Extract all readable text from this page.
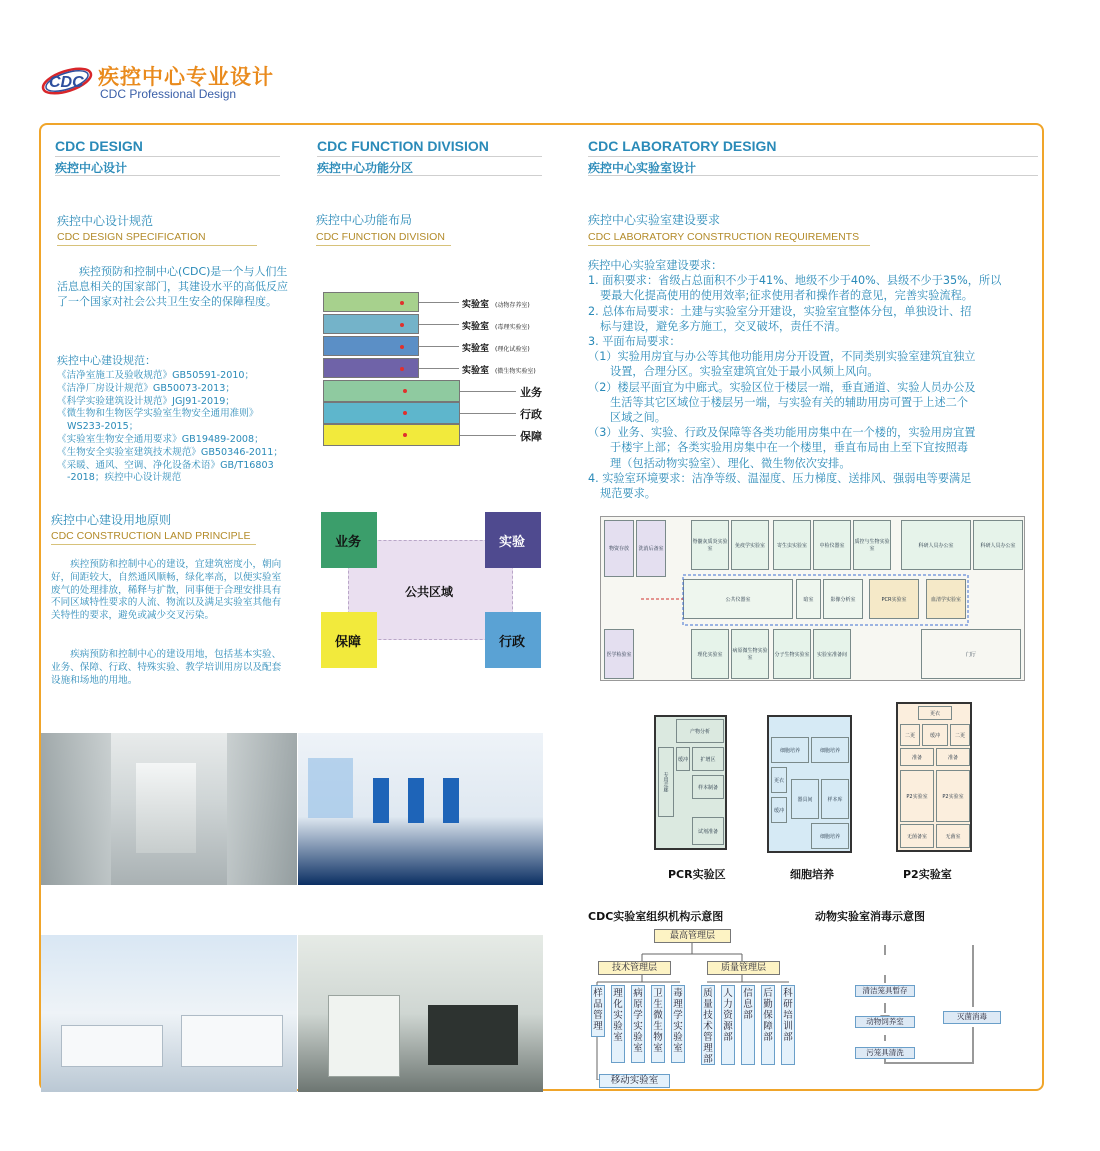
CDC 疾控中心专业设计
CDC Professional Design
CDC DESIGN
疾控中心设计
疾控中心设计规范
CDC DESIGN SPECIFICATION
疾控预防和控制中心(CDC)是一个与人们生活息息相关的国家部门，其建设水平的高低反应了一个国家对社会公共卫生安全的保障程度。
疾控中心建设规范：
《洁净室施工及验收规范》GB50591-2010；
《洁净厂房设计规范》GB50073-2013；
《科学实验建筑设计规范》JGJ91-2019；
《微生物和生物医学实验室生物安全通用准则》
WS233-2015；
《实验室生物安全通用要求》GB19489-2008；
《生物安全实验室建筑技术规范》GB50346-2011；
《采暖、通风、空调、净化设备术语》GB/T16803
-2018；疾控中心设计规范
疾控中心建设用地原则
CDC CONSTRUCTION LAND PRINCIPLE
疾控预防和控制中心的建设，宜建筑密度小，朝向好，间距较大，自然通风顺畅，绿化率高，以便实验室废气的处理排放，稀释与扩散，同事便于合理安排具有不同区域特性要求的人流、物流以及满足实验室其他有关特性的要求，避免或减少交叉污染。
疾病预防和控制中心的建设用地，包括基本实验、业务、保障、行政、特殊实验、教学培训用房以及配套设施和场地的用地。
CDC FUNCTION DIVISION
疾控中心功能分区
疾控中心功能布局
CDC FUNCTION DIVISION
实验室 (动物存养室)
实验室 (毒理实验室)
实验室 (理化试验室)
实验室 (微生物实验室)
业务
行政
保障
公共区域
业务	实验
保障	行政
CDC LABORATORY DESIGN
疾控中心实验室设计
疾控中心实验室建设要求
CDC LABORATORY CONSTRUCTION REQUIREMENTS
疾控中心实验室建设要求：
1. 面积要求：省级占总面积不少于41%、地级不少于40%、县级不少于35%，所以
要最大化提高使用的使用效率;征求使用者和操作者的意见，完善实验流程。
2. 总体布局要求：土建与实验室分开建设，实验室宜整体分包，单独设计、招
标与建设，避免多方施工，交叉破坏，责任不清。
3. 平面布局要求：
（1）实验用房宜与办公等其他功能用房分开设置，不同类别实验室建筑宜独立
设置，合理分区。实验室建筑宜处于最小风频上风向。
（2）楼层平面宜为中廊式。实验区位于楼层一端，垂直通道、实验人员办公及
生活等其它区域位于楼层另一端，与实验有关的辅助用房可置于上述二个
区域之间。
（3）业务、实验、行政及保障等各类功能用房集中在一个楼的，实验用房宜置
于楼宇上部；各类实验用房集中在一个楼里，垂直布局由上至下宜按照毒
理（包括动物实验室）、理化、微生物依次安排。
4. 实验室环境要求：洁净等级、温湿度、压力梯度、送排风、强弱电等要满足
规范要求。
物资存放 洗消后备室
脊髓灰质炎实验室
免疫学实验室 寄生虫实验室 中检仪器室
质控与生物实验室
科研人员办公室	科研人员办公室
公共仪器室	暗室	影像分析室	PCR实验室	血清学实验室
理化实验室
病原微生物实验室
分子生物实验室 实验室准备间	门厅
医学检验室
产物分析
专用走廊
缓冲 扩增区
样本制备
试剂准备
细胞培养	细胞培养
更衣
缓冲
器具间	样本库
细胞培养
更衣
二更	缓冲	二更
准备	准备
P2实验室	P2实验室
无菌备室	无菌室
PCR实验区	细胞培养	P2实验室
CDC实验室组织机构示意图
最高管理层
技术管理层	质量管理层
样品管理
理化实验室
病原学实验室
卫生微生物室
毒理学实验室
质量技术管理部
人力资源部
信息部
后勤保障部
科研培训部
移动实验室
动物实验室消毒示意图
清洁笼具暂存
动物饲养室
污笼具清洗
灭菌消毒
